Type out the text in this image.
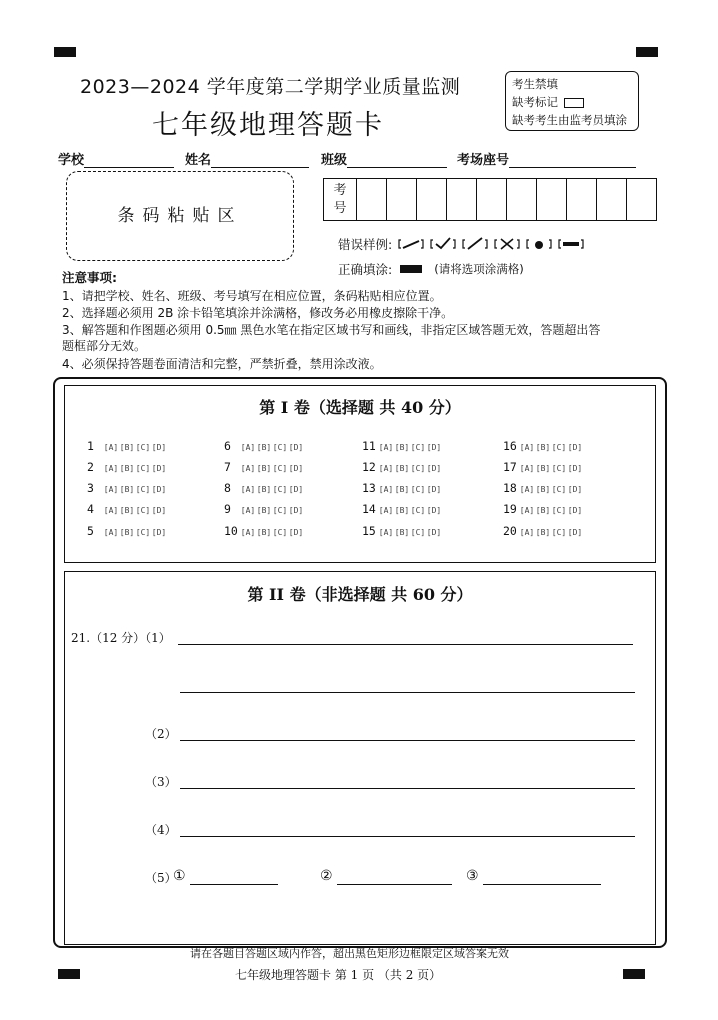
2023—2024 学年度第二学期学业质量监测
七年级地理答题卡
考生禁填
缺考标记
缺考考生由监考员填涂
学校	姓名	班级	考场座号
条码粘贴区
考
号
错误样例:
正确填涂:	(请将选项涂满格)
注意事项:
1、请把学校、姓名、班级、考号填写在相应位置，条码粘贴相应位置。
2、选择题必须用 2B 涂卡铅笔填涂并涂满格，修改务必用橡皮擦除干净。
3、解答题和作图题必须用 0.5㎜ 黑色水笔在指定区域书写和画线，非指定区域答题无效，答题超出答
题框部分无效。
4、必须保持答题卷面清洁和完整，严禁折叠，禁用涂改液。
第 I 卷（选择题 共 40 分）
1 [A] [B] [C] [D]
2 [A] [B] [C] [D]
3 [A] [B] [C] [D]
4 [A] [B] [C] [D]
5 [A] [B] [C] [D]
6 [A] [B] [C] [D]
7 [A] [B] [C] [D]
8 [A] [B] [C] [D]
9 [A] [B] [C] [D]
10 [A] [B] [C] [D]
11 [A] [B] [C] [D]
12 [A] [B] [C] [D]
13 [A] [B] [C] [D]
14 [A] [B] [C] [D]
15 [A] [B] [C] [D]
16 [A] [B] [C] [D]
17 [A] [B] [C] [D]
18 [A] [B] [C] [D]
19 [A] [B] [C] [D]
20 [A] [B] [C] [D]
第 II 卷（非选择题 共 60 分）
21.（12 分）（1）
（2）
（3）
（4）
（5）
①	②	③
请在各题目答题区域内作答，超出黑色矩形边框限定区域答案无效
七年级地理答题卡 第 1 页 （共 2 页）
